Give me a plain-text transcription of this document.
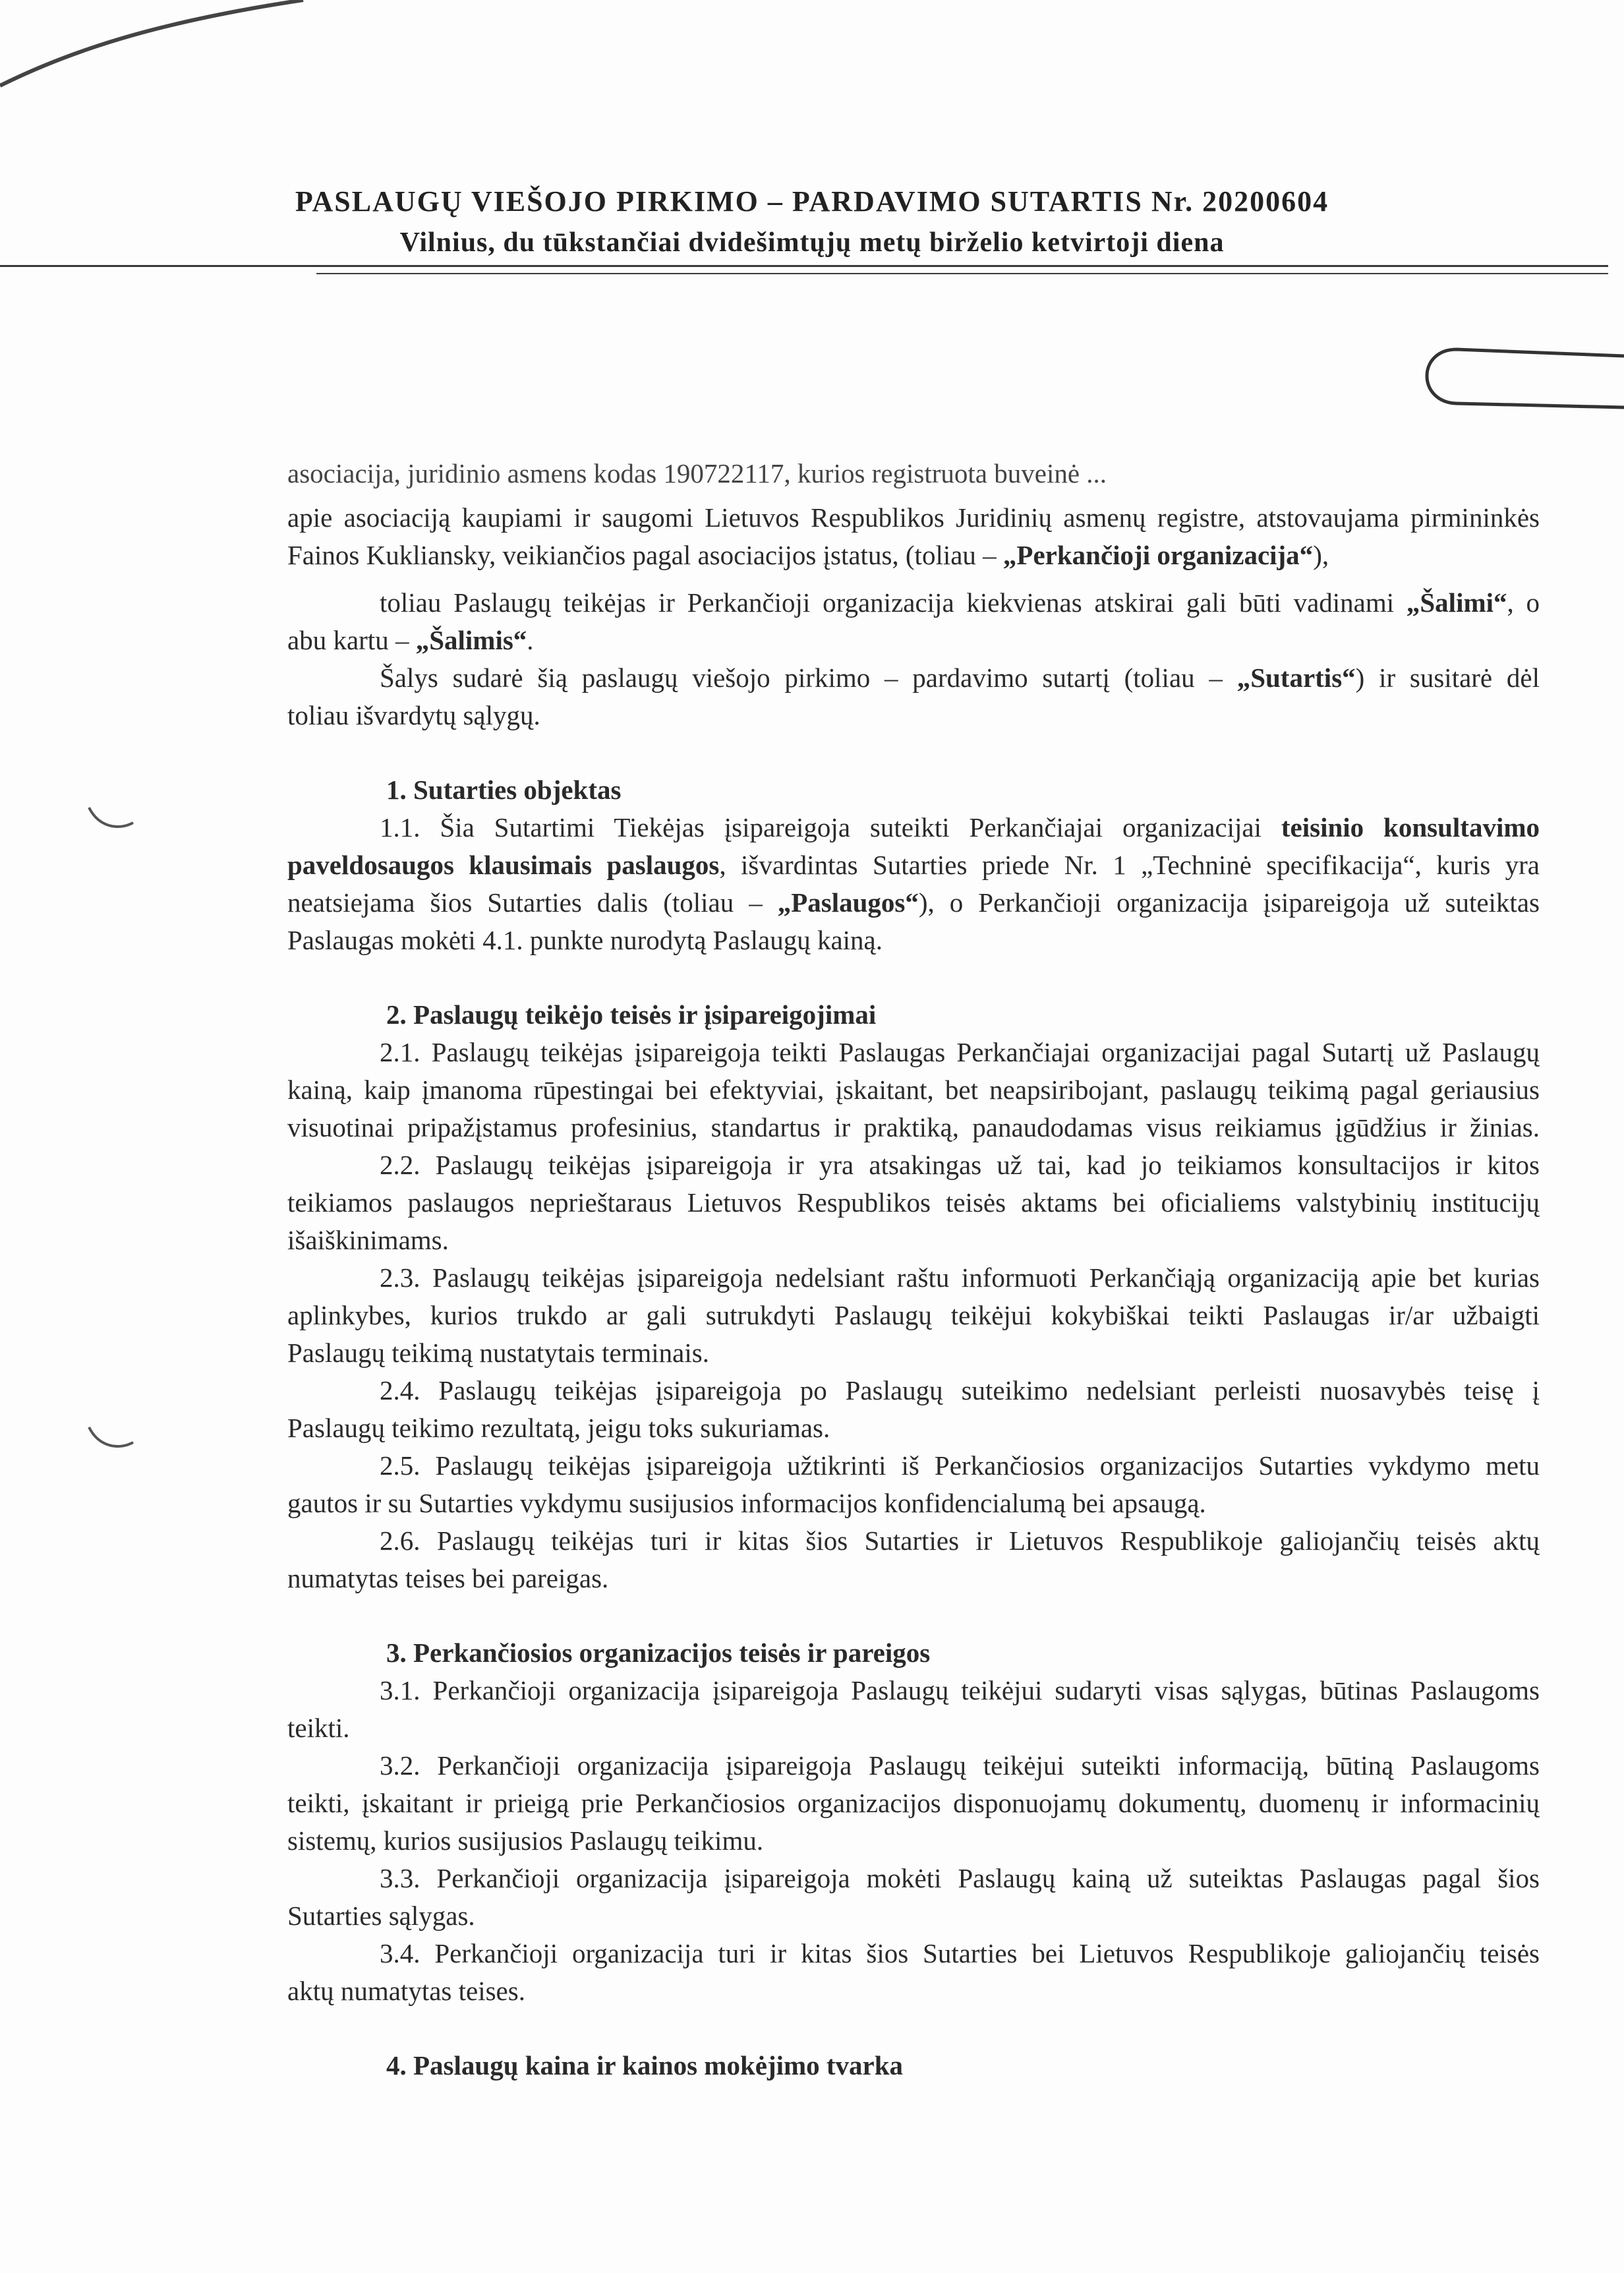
PASLAUGŲ VIEŠOJO PIRKIMO – PARDAVIMO SUTARTIS Nr. 20200604
Vilnius, du tūkstančiai dvidešimtųjų metų birželio ketvirtoji diena
asociacija, juridinio asmens kodas 190722117, kurios registruota buveinė ...
apie asociaciją kaupiami ir saugomi Lietuvos Respublikos Juridinių asmenų registre, atstovaujama pirmininkės
Fainos Kukliansky, veikiančios pagal asociacijos įstatus, (toliau – „Perkančioji organizacija“),
toliau Paslaugų teikėjas ir Perkančioji organizacija kiekvienas atskirai gali būti vadinami „Šalimi“, o
abu kartu – „Šalimis“.
Šalys sudarė šią paslaugų viešojo pirkimo – pardavimo sutartį (toliau – „Sutartis“) ir susitarė dėl
toliau išvardytų sąlygų.
1. Sutarties objektas
1.1. Šia Sutartimi Tiekėjas įsipareigoja suteikti Perkančiajai organizacijai teisinio konsultavimo
paveldosaugos klausimais paslaugos, išvardintas Sutarties priede Nr. 1 „Techninė specifikacija“, kuris yra
neatsiejama šios Sutarties dalis (toliau – „Paslaugos“), o Perkančioji organizacija įsipareigoja už suteiktas
Paslaugas mokėti 4.1. punkte nurodytą Paslaugų kainą.
2. Paslaugų teikėjo teisės ir įsipareigojimai
2.1. Paslaugų teikėjas įsipareigoja teikti Paslaugas Perkančiajai organizacijai pagal Sutartį už Paslaugų
kainą, kaip įmanoma rūpestingai bei efektyviai, įskaitant, bet neapsiribojant, paslaugų teikimą pagal geriausius
visuotinai pripažįstamus profesinius, standartus ir praktiką, panaudodamas visus reikiamus įgūdžius ir žinias.
2.2. Paslaugų teikėjas įsipareigoja ir yra atsakingas už tai, kad jo teikiamos konsultacijos ir kitos
teikiamos paslaugos neprieštaraus Lietuvos Respublikos teisės aktams bei oficialiems valstybinių institucijų
išaiškinimams.
2.3. Paslaugų teikėjas įsipareigoja nedelsiant raštu informuoti Perkančiąją organizaciją apie bet kurias
aplinkybes, kurios trukdo ar gali sutrukdyti Paslaugų teikėjui kokybiškai teikti Paslaugas ir/ar užbaigti
Paslaugų teikimą nustatytais terminais.
2.4. Paslaugų teikėjas įsipareigoja po Paslaugų suteikimo nedelsiant perleisti nuosavybės teisę į
Paslaugų teikimo rezultatą, jeigu toks sukuriamas.
2.5. Paslaugų teikėjas įsipareigoja užtikrinti iš Perkančiosios organizacijos Sutarties vykdymo metu
gautos ir su Sutarties vykdymu susijusios informacijos konfidencialumą bei apsaugą.
2.6. Paslaugų teikėjas turi ir kitas šios Sutarties ir Lietuvos Respublikoje galiojančių teisės aktų
numatytas teises bei pareigas.
3. Perkančiosios organizacijos teisės ir pareigos
3.1. Perkančioji organizacija įsipareigoja Paslaugų teikėjui sudaryti visas sąlygas, būtinas Paslaugoms
teikti.
3.2. Perkančioji organizacija įsipareigoja Paslaugų teikėjui suteikti informaciją, būtiną Paslaugoms
teikti, įskaitant ir prieigą prie Perkančiosios organizacijos disponuojamų dokumentų, duomenų ir informacinių
sistemų, kurios susijusios Paslaugų teikimu.
3.3. Perkančioji organizacija įsipareigoja mokėti Paslaugų kainą už suteiktas Paslaugas pagal šios
Sutarties sąlygas.
3.4. Perkančioji organizacija turi ir kitas šios Sutarties bei Lietuvos Respublikoje galiojančių teisės
aktų numatytas teises.
4. Paslaugų kaina ir kainos mokėjimo tvarka
